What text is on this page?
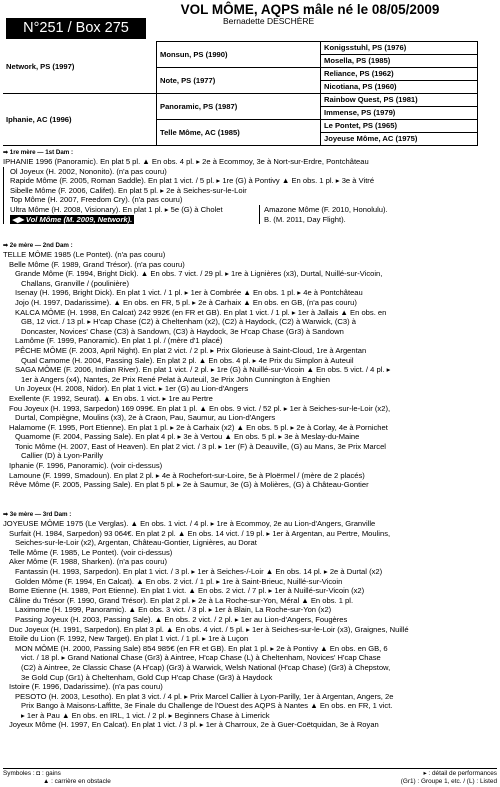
VOL MÔME, AQPS mâle né le 08/05/2009
Bernadette DESCHÈRE
N°251 / Box 275
Network, PS (1997)	Monsun, PS (1990)	Konigsstuhl, PS (1976)
		Mosella, PS (1985)
	Note, PS (1977)	Reliance, PS (1962)
		Nicotiana, PS (1960)
Iphanie, AC (1996)	Panoramic, PS (1987)	Rainbow Quest, PS (1981)
		Immense, PS (1979)
	Telle Môme, AC (1985)	Le Pontet, PS (1965)
		Joyeuse Môme, AC (1975)
➡ 1re mère — 1st Dam :
IPHANIE 1996 (Panoramic). En plat 5 pl. ▲ En obs. 4 pl. ▸ 2e à Ecommoy, 3e à Nort-sur-Erdre, Pontchâteau
Ol Joyeux (H. 2002, Nononito). (n'a pas couru)
Rapide Môme (F. 2005, Roman Saddle). En plat 1 vict. / 5 pl. ▸ 1re (G) à Pontivy ▲ En obs. 1 pl. ▸ 3e à Vitré
Sibelle Môme (F. 2006, Califet). En plat 5 pl. ▸ 2e à Seiches-sur-le-Loir
Top Môme (H. 2007, Freedom Cry). (n'a pas couru)
Ultra Môme (H. 2008, Visionary). En plat 1 pl. ▸ 5e (G) à Cholet
◀▶ Vol Môme (M. 2009, Network).
Amazone Môme (F. 2010, Honolulu).
B. (M. 2011, Day Flight).
➡ 2e mère — 2nd Dam :
TELLE MÔME 1985 (Le Pontet). (n'a pas couru)
Belle Môme (F. 1989, Grand Trésor). (n'a pas couru)
Grande Môme (F. 1994, Bright Dick). ▲ En obs. 7 vict. / 29 pl. ▸ 1re à Lignières (x3), Durtal, Nuillé-sur-Vicoin,
Challans, Granville / (poulinière)
Isenay (H. 1996, Bright Dick). En plat 1 vict. / 1 pl. ▸ 1er à Combrée ▲ En obs. 1 pl. ▸ 4e à Pontchâteau
Jojo (H. 1997, Dadarissime). ▲ En obs. en FR, 5 pl. ▸ 2e à Carhaix ▲ En obs. en GB, (n'a pas couru)
KALCA MÔME (H. 1998, En Calcat) 242 992€ (en FR et GB). En plat 1 vict. / 1 pl. ▸ 1er à Jallais ▲ En obs. en
GB, 12 vict. / 13 pl. ▸ H'cap Chase (C2) à Cheltenham (x2), (C2) à Haydock, (C2) à Warwick, (C3) à
Doncaster, Novices' Chase (C3) à Sandown, (C3) à Haydock, 3e H'cap Chase (Gr3) à Sandown
Lamôme (F. 1999, Panoramic). En plat 1 pl. / (mère d'1 placé)
PÊCHE MÔME (F. 2003, April Night). En plat 2 vict. / 2 pl. ▸ Prix Glorieuse à Saint-Cloud, 1re à Argentan
Qual Camome (H. 2004, Passing Sale). En plat 2 pl. ▲ En obs. 4 pl. ▸ 4e Prix du Simplon à Auteuil
SAGA MÔME (F. 2006, Indian River). En plat 1 vict. / 2 pl. ▸ 1re (G) à Nuillé-sur-Vicoin ▲ En obs. 5 vict. / 4 pl. ▸
1er à Angers (x4), Nantes, 2e Prix René Pelat à Auteuil, 3e Prix John Cunnington à Enghien
Un Joyeux (H. 2008, Nidor). En plat 1 vict. ▸ 1er (G) au Lion-d'Angers
Exellente (F. 1992, Seurat). ▲ En obs. 1 vict. ▸ 1re au Pertre
Fou Joyeux (H. 1993, Sarpedon) 169 099€. En plat 1 pl. ▲ En obs. 9 vict. / 52 pl. ▸ 1er à Seiches-sur-le-Loir (x2),
Durtal, Compiègne, Moulins (x3), 2e à Craon, Pau, Saumur, au Lion-d'Angers
Halamome (F. 1995, Port Etienne). En plat 1 pl. ▸ 2e à Carhaix (x2) ▲ En obs. 5 pl. ▸ 2e à Corlay, 4e à Pornichet
Quamome (F. 2004, Passing Sale). En plat 4 pl. ▸ 3e à Vertou ▲ En obs. 5 pl. ▸ 3e à Meslay-du-Maine
Tonic Môme (H. 2007, East of Heaven). En plat 2 vict. / 3 pl. ▸ 1er (F) à Deauville, (G) au Mans, 3e Prix Marcel
Callier (D) à Lyon-Parilly
Iphanie (F. 1996, Panoramic). (voir ci-dessus)
Lamoune (F. 1999, Smadoun). En plat 2 pl. ▸ 4e à Rochefort-sur-Loire, 5e à Ploërmel / (mère de 2 placés)
Rêve Môme (F. 2005, Passing Sale). En plat 5 pl. ▸ 2e à Saumur, 3e (G) à Molières, (G) à Château-Gontier
➡ 3e mère — 3rd Dam :
JOYEUSE MÔME 1975 (Le Verglas). ▲ En obs. 1 vict. / 4 pl. ▸ 1re à Ecommoy, 2e au Lion-d'Angers, Granville
Surfait (H. 1984, Sarpedon) 93 064€. En plat 2 pl. ▲ En obs. 14 vict. / 19 pl. ▸ 1er à Argentan, au Pertre, Moulins,
Seiches-sur-le-Loir (x2), Argentan, Château-Gontier, Lignières, au Dorat
Telle Môme (F. 1985, Le Pontet). (voir ci-dessus)
Aker Môme (F. 1988, Sharken). (n'a pas couru)
Fantassin (H. 1993, Sarpedon). En plat 1 vict. / 3 pl. ▸ 1er à Seiches-/-Loir ▲ En obs. 14 pl. ▸ 2e à Durtal (x2)
Golden Môme (F. 1994, En Calcat). ▲ En obs. 2 vict. / 1 pl. ▸ 1re à Saint-Brieuc, Nuillé-sur-Vicoin
Bome Etienne (H. 1989, Port Etienne). En plat 1 vict. ▲ En obs. 2 vict. / 7 pl. ▸ 1er à Nuillé-sur-Vicoin (x2)
Câline du Trésor (F. 1990, Grand Trésor). En plat 2 pl. ▸ 2e à La Roche-sur-Yon, Méral ▲ En obs. 1 pl.
Laximome (H. 1999, Panoramic). ▲ En obs. 3 vict. / 3 pl. ▸ 1er à Blain, La Roche-sur-Yon (x2)
Passing Joyeux (H. 2003, Passing Sale). ▲ En obs. 2 vict. / 2 pl. ▸ 1er au Lion-d'Angers, Fougères
Duc Joyeux (H. 1991, Sarpedon). En plat 3 pl. ▲ En obs. 4 vict. / 5 pl. ▸ 1er à Seiches-sur-le-Loir (x3), Graignes, Nuillé
Etoile du Lion (F. 1992, New Target). En plat 1 vict. / 1 pl. ▸ 1re à Luçon
MON MÔME (H. 2000, Passing Sale) 854 985€ (en FR et GB). En plat 1 pl. ▸ 2e à Pontivy ▲ En obs. en GB, 6
vict. / 18 pl. ▸ Grand National Chase (Gr3) à Aintree, H'cap Chase (L) à Cheltenham, Novices' H'cap Chase
(C2) à Aintree, 2e Classic Chase (A H'cap) (Gr3) à Warwick, Welsh National (H'cap Chase) (Gr3) à Chepstow,
3e Gold Cup (Gr1) à Cheltenham, Gold Cup H'cap Chase (Gr3) à Haydock
Istoire (F. 1996, Dadarissime). (n'a pas couru)
PESOTO (H. 2003, Lesotho). En plat 3 vict. / 4 pl. ▸ Prix Marcel Callier à Lyon-Parilly, 1er à Argentan, Angers, 2e
Prix Bango à Maisons-Laffitte, 3e Finale du Challenge de l'Ouest des AQPS à Nantes ▲ En obs. en FR, 1 vict.
▸ 1er à Pau ▲ En obs. en IRL, 1 vict. / 2 pl. ▸ Beginners Chase à Limerick
Joyeux Môme (H. 1997, En Calcat). En plat 1 vict. / 3 pl. ▸ 1er à Charroux, 2e à Guer-Coëtquidan, 3e à Royan
Symboles : ◘ : gains
▲ : carrière en obstacle
▸ : détail de performances
(Gr1) : Groupe 1, etc. / (L) : Listed
